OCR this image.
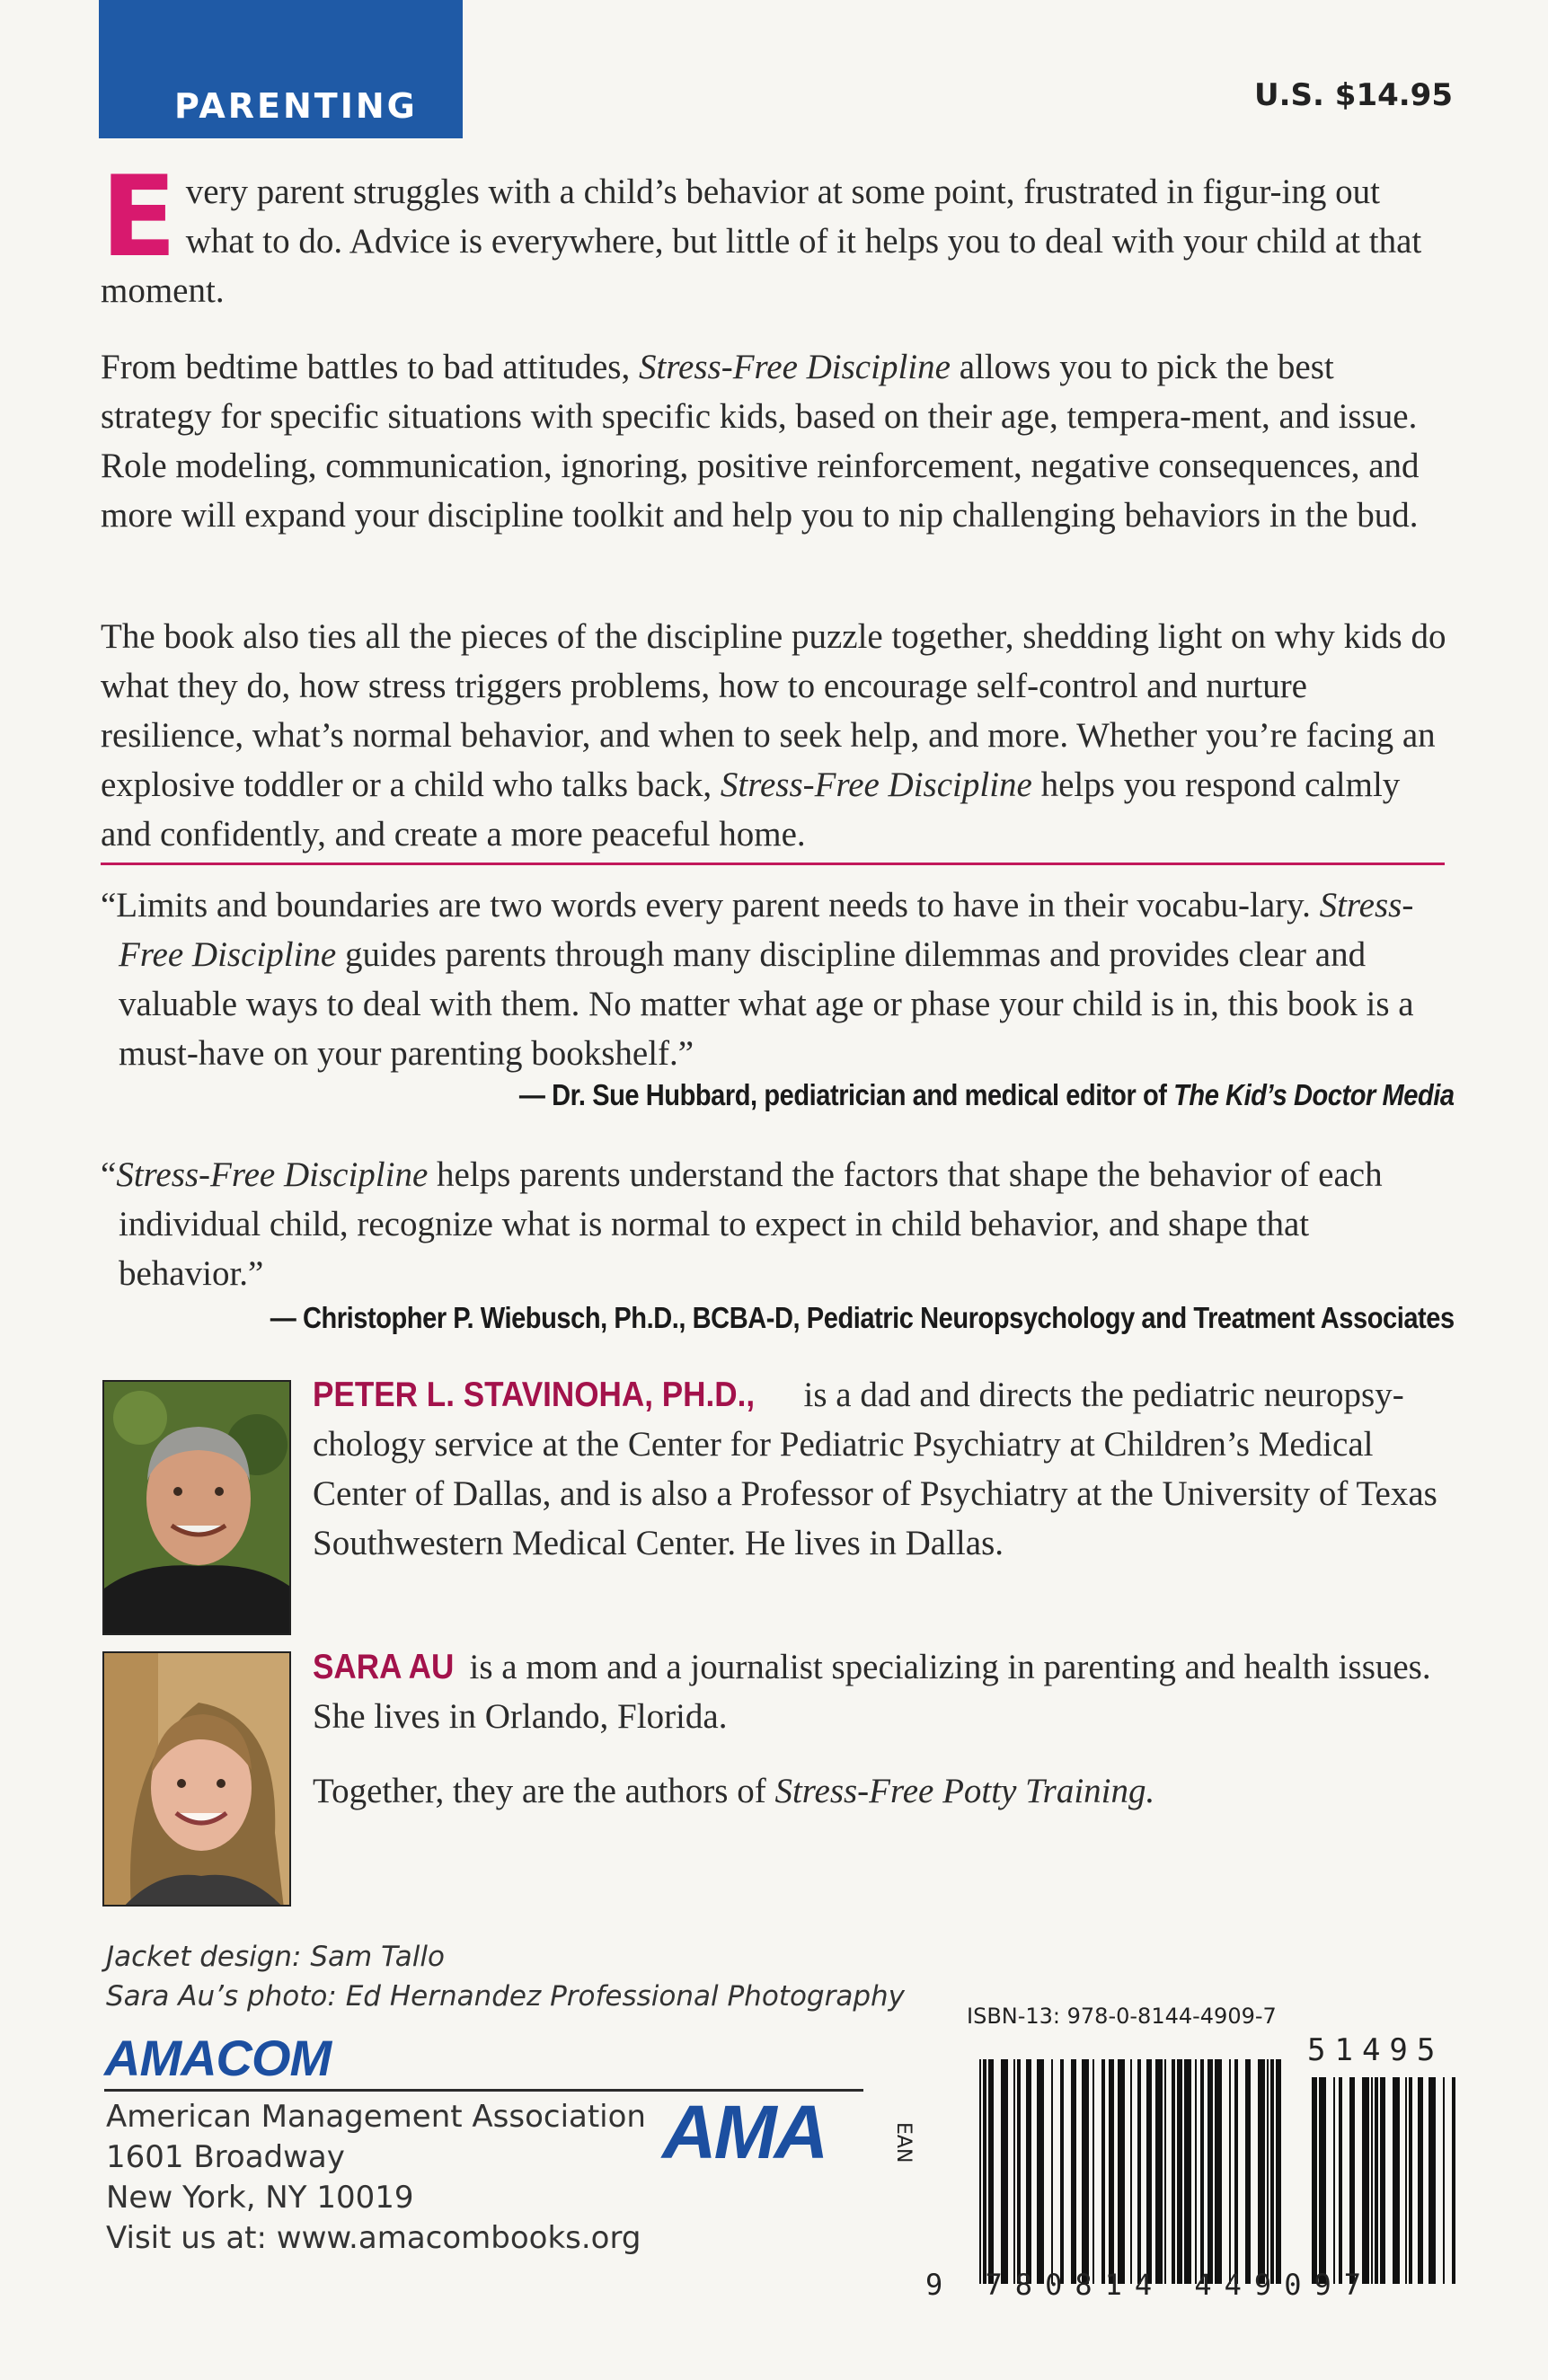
PARENTING	U.S. $14.95
Every parent struggles with a child’s behavior at some point, frustrated in figur-ing out what to do. Advice is everywhere, but little of it helps you to deal with your child at that moment.
From bedtime battles to bad attitudes, Stress-Free Discipline allows you to pick the best strategy for specific situations with specific kids, based on their age, tempera-ment, and issue. Role modeling, communication, ignoring, positive reinforcement, negative consequences, and more will expand your discipline toolkit and help you to nip challenging behaviors in the bud.
The book also ties all the pieces of the discipline puzzle together, shedding light on why kids do what they do, how stress triggers problems, how to encourage self-control and nurture resilience, what’s normal behavior, and when to seek help, and more. Whether you’re facing an explosive toddler or a child who talks back, Stress-Free Discipline helps you respond calmly and confidently, and create a more peaceful home.
“Limits and boundaries are two words every parent needs to have in their vocabu-lary. Stress-Free Discipline guides parents through many discipline dilemmas and provides clear and valuable ways to deal with them. No matter what age or phase your child is in, this book is a must-have on your parenting bookshelf.”
— Dr. Sue Hubbard, pediatrician and medical editor of The Kid’s Doctor Media
“Stress-Free Discipline helps parents understand the factors that shape the behavior of each individual child, recognize what is normal to expect in child behavior, and shape that behavior.”
— Christopher P. Wiebusch, Ph.D., BCBA-D, Pediatric Neuropsychology and Treatment Associates
PETER L. STAVINOHA, PH.D., is a dad and directs the pediatric neuropsy-chology service at the Center for Pediatric Psychiatry at Children’s Medical Center of Dallas, and is also a Professor of Psychiatry at the University of Texas Southwestern Medical Center. He lives in Dallas.
SARA AU is a mom and a journalist specializing in parenting and health issues. She lives in Orlando, Florida.
Together, they are the authors of Stress-Free Potty Training.
Jacket design: Sam Tallo
Sara Au’s photo: Ed Hernandez Professional Photography
AMACOM
American Management Association
1601 Broadway
New York, NY 10019
Visit us at: www.amacombooks.org
AMA
ISBN-13: 978-0-8144-4909-7
EAN
51495
9 780814 449097
